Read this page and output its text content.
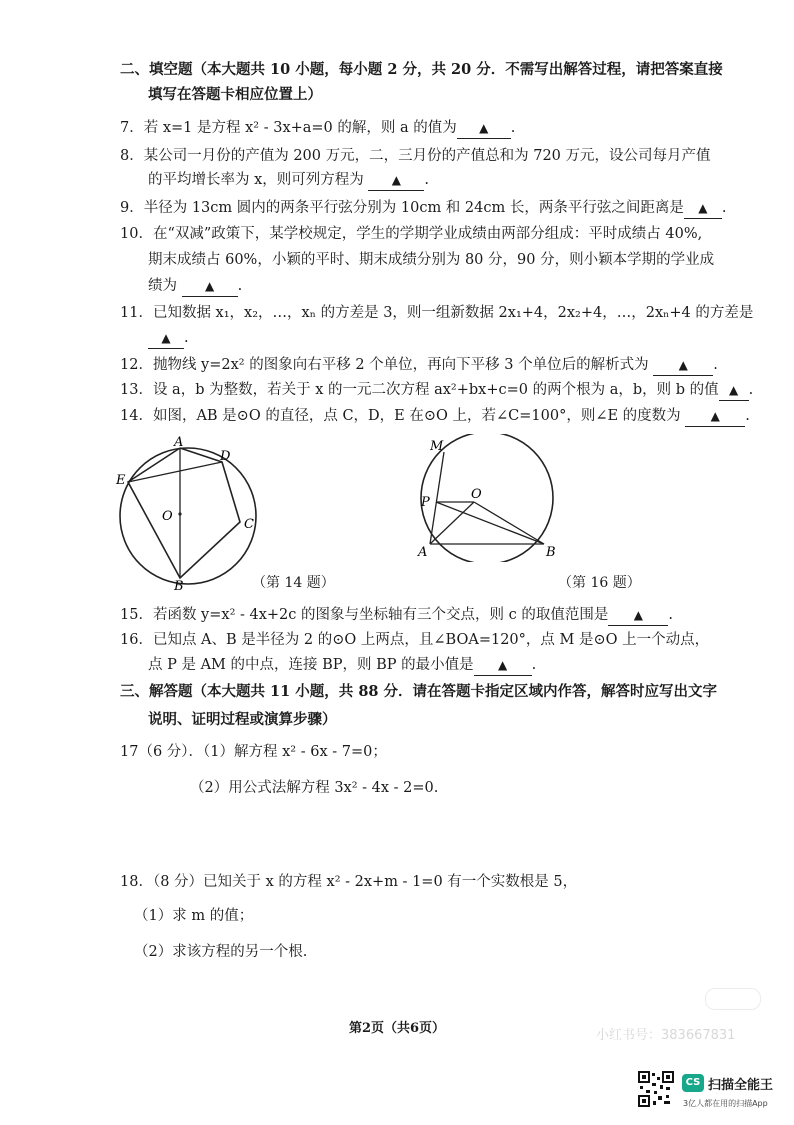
二、填空题（本大题共 10 小题，每小题 2 分，共 20 分．不需写出解答过程，请把答案直接
填写在答题卡相应位置上）
7．若 x=1 是方程 x² - 3x+a=0 的解，则 a 的值为 ▲ .
8．某公司一月份的产值为 200 万元，二，三月份的产值总和为 720 万元，设公司每月产值
的平均增长率为 x，则可列方程为 ▲ .
9．半径为 13cm 圆内的两条平行弦分别为 10cm 和 24cm 长，两条平行弦之间距离是 ▲ .
10．在“双减”政策下，某学校规定，学生的学期学业成绩由两部分组成：平时成绩占 40%,
期末成绩占 60%，小颖的平时、期末成绩分别为 80 分，90 分，则小颖本学期的学业成
绩为 ▲ .
11．已知数据 x₁，x₂，…，xₙ 的方差是 3，则一组新数据 2x₁+4，2x₂+4，…，2xₙ+4 的方差是
▲ .
12．抛物线 y=2x² 的图象向右平移 2 个单位，再向下平移 3 个单位后的解析式为 ▲ .
13．设 a，b 为整数，若关于 x 的一元二次方程 ax²+bx+c=0 的两个根为 a，b，则 b 的值 ▲ .
14．如图，AB 是⊙O 的直径，点 C，D，E 在⊙O 上，若∠C=100°，则∠E 的度数为 ▲ .
A
B
C
D
E
O
（第 14 题）
M
P
O
A	B
（第 16 题）
15．若函数 y=x² - 4x+2c 的图象与坐标轴有三个交点，则 c 的取值范围是 ▲ .
16．已知点 A、B 是半径为 2 的⊙O 上两点，且∠BOA=120°，点 M 是⊙O 上一个动点，
点 P 是 AM 的中点，连接 BP，则 BP 的最小值是 ▲ .
三、解答题（本大题共 11 小题，共 88 分．请在答题卡指定区域内作答，解答时应写出文字
说明、证明过程或演算步骤）
17（6 分）．（1）解方程 x² - 6x - 7=0；
（2）用公式法解方程 3x² - 4x - 2=0.
18．（8 分）已知关于 x 的方程 x² - 2x+m - 1=0 有一个实数根是 5，
（1）求 m 的值；
（2）求该方程的另一个根.
第2页（共6页）	小红书号：383667831
CS 扫描全能王
3亿人都在用的扫描App
